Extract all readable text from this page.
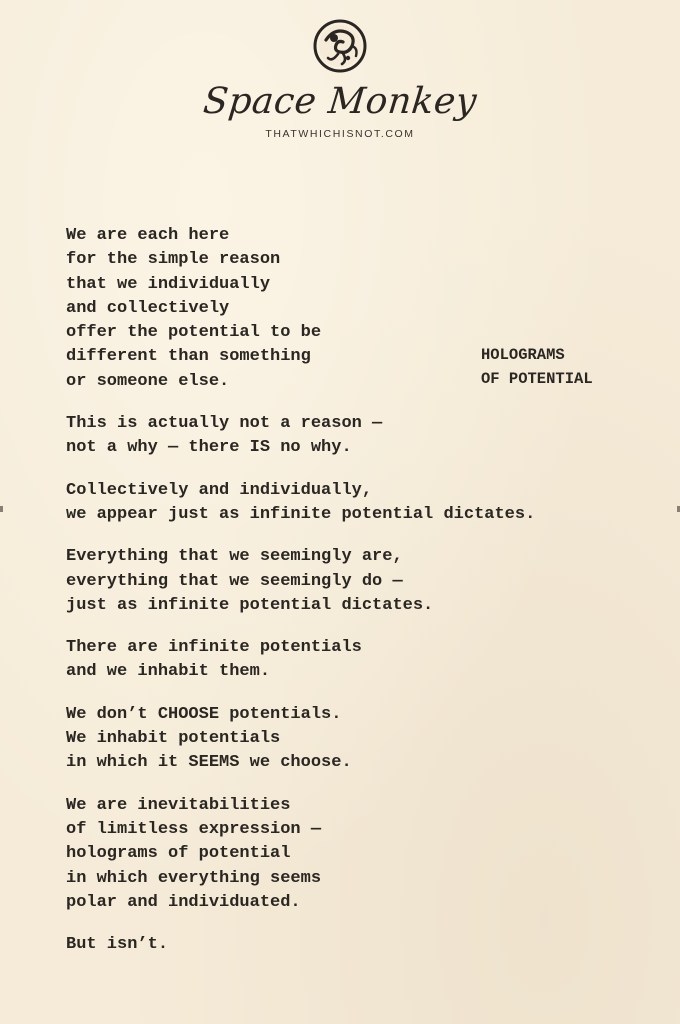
Space Monkey
THATWHICHISNOT.COM
HOLOGRAMS
OF POTENTIAL
We are each here
for the simple reason
that we individually
and collectively
offer the potential to be
different than something
or someone else.
This is actually not a reason —
not a why — there IS no why.
Collectively and individually,
we appear just as infinite potential dictates.
Everything that we seemingly are,
everything that we seemingly do —
just as infinite potential dictates.
There are infinite potentials
and we inhabit them.
We don’t CHOOSE potentials.
We inhabit potentials
in which it SEEMS we choose.
We are inevitabilities
of limitless expression —
holograms of potential
in which everything seems
polar and individuated.
But isn’t.
